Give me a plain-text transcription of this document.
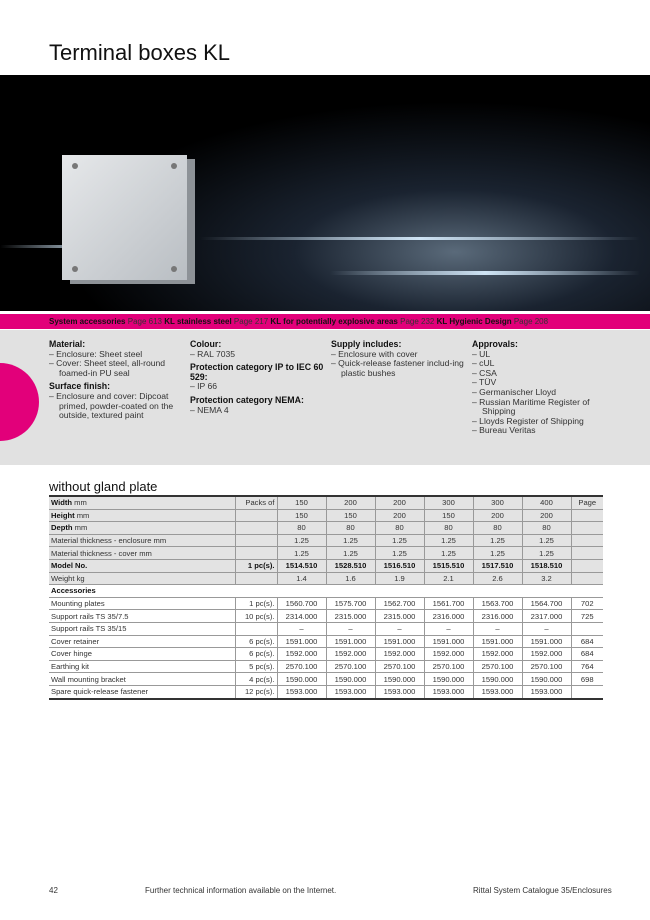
Terminal boxes KL
System accessories Page 613 KL stainless steel Page 217 KL for potentially explosive areas Page 232 KL Hygienic Design Page 208
Material:
– Enclosure: Sheet steel
– Cover: Sheet steel, all-round foamed-in PU seal
Surface finish:
– Enclosure and cover: Dipcoat primed, powder-coated on the outside, textured paint
Colour:
– RAL 7035
Protection category IP to IEC 60 529:
– IP 66
Protection category NEMA:
– NEMA 4
Supply includes:
– Enclosure with cover
– Quick-release fastener includ-ing plastic bushes
Approvals:
– UL
– cUL
– CSA
– TÜV
– Germanischer Lloyd
– Russian Maritime Register of Shipping
– Lloyds Register of Shipping
– Bureau Veritas
without gland plate
Width mm	Packs of	150	200	200	300	300	400	Page
Height mm		150	150	200	150	200	200	
Depth mm		80	80	80	80	80	80	
Material thickness - enclosure mm		1.25	1.25	1.25	1.25	1.25	1.25	
Material thickness - cover mm		1.25	1.25	1.25	1.25	1.25	1.25	
Model No.	1 pc(s).	1514.510	1528.510	1516.510	1515.510	1517.510	1518.510	
Weight kg		1.4	1.6	1.9	2.1	2.6	3.2	
Accessories								
Mounting plates	1 pc(s).	1560.700	1575.700	1562.700	1561.700	1563.700	1564.700	702
Support rails TS 35/7.5	10 pc(s).	2314.000	2315.000	2315.000	2316.000	2316.000	2317.000	725
Support rails TS 35/15		–	–	–	–	–	–	
Cover retainer	6 pc(s).	1591.000	1591.000	1591.000	1591.000	1591.000	1591.000	684
Cover hinge	6 pc(s).	1592.000	1592.000	1592.000	1592.000	1592.000	1592.000	684
Earthing kit	5 pc(s).	2570.100	2570.100	2570.100	2570.100	2570.100	2570.100	764
Wall mounting bracket	4 pc(s).	1590.000	1590.000	1590.000	1590.000	1590.000	1590.000	698
Spare quick-release fastener	12 pc(s).	1593.000	1593.000	1593.000	1593.000	1593.000	1593.000	
42	Further technical information available on the Internet.	Rittal System Catalogue 35/Enclosures
